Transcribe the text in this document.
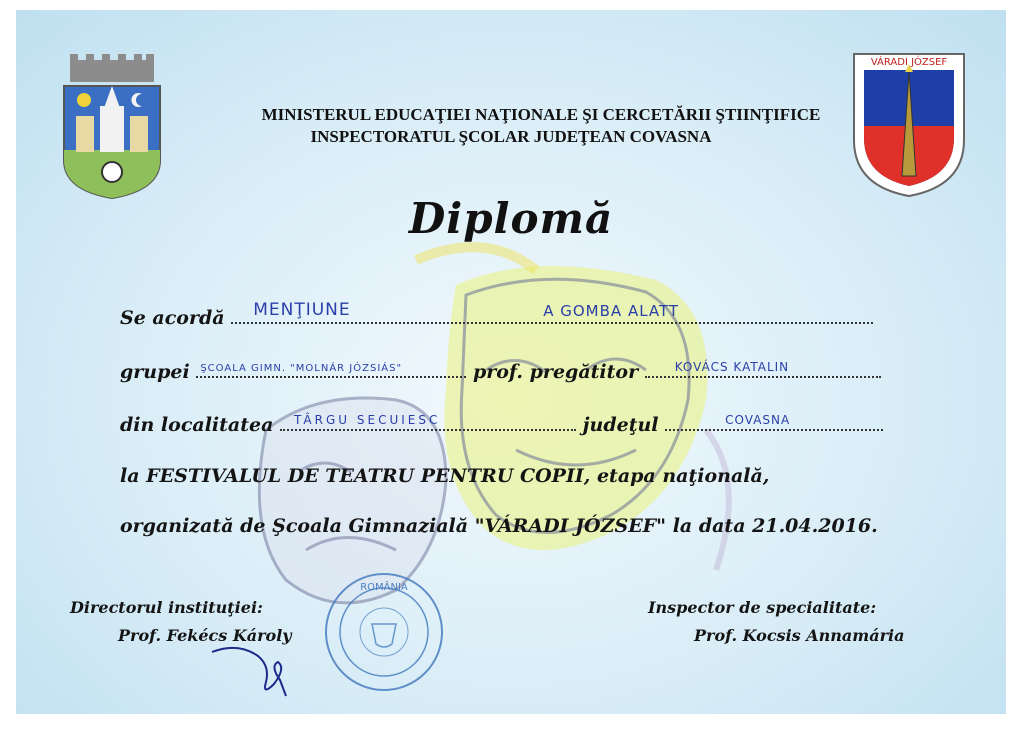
VÁRADI JÓZSEF
MINISTERUL EDUCAŢIEI NAŢIONALE ŞI CERCETĂRII ŞTIINŢIFICE
INSPECTORATUL ŞCOLAR JUDEŢEAN COVASNA
Diplomă
Se acordă MENŢIUNE	A GOMBA ALATT
grupei ŞCOALA GIMN. "MOLNÁR JÓZSIÁS"	prof. pregătitor	KOVÁCS KATALIN
din localitatea TÂRGU SECUIESC	judeţul	COVASNA
la FESTIVALUL DE TEATRU PENTRU COPII, etapa naţională,
organizată de Şcoala Gimnazială "VÁRADI JÓZSEF" la data 21.04.2016.
Directorul instituţiei:
Prof. Fekécs Károly
Inspector de specialitate:
Prof. Kocsis Annamária
ROMÂNIA
